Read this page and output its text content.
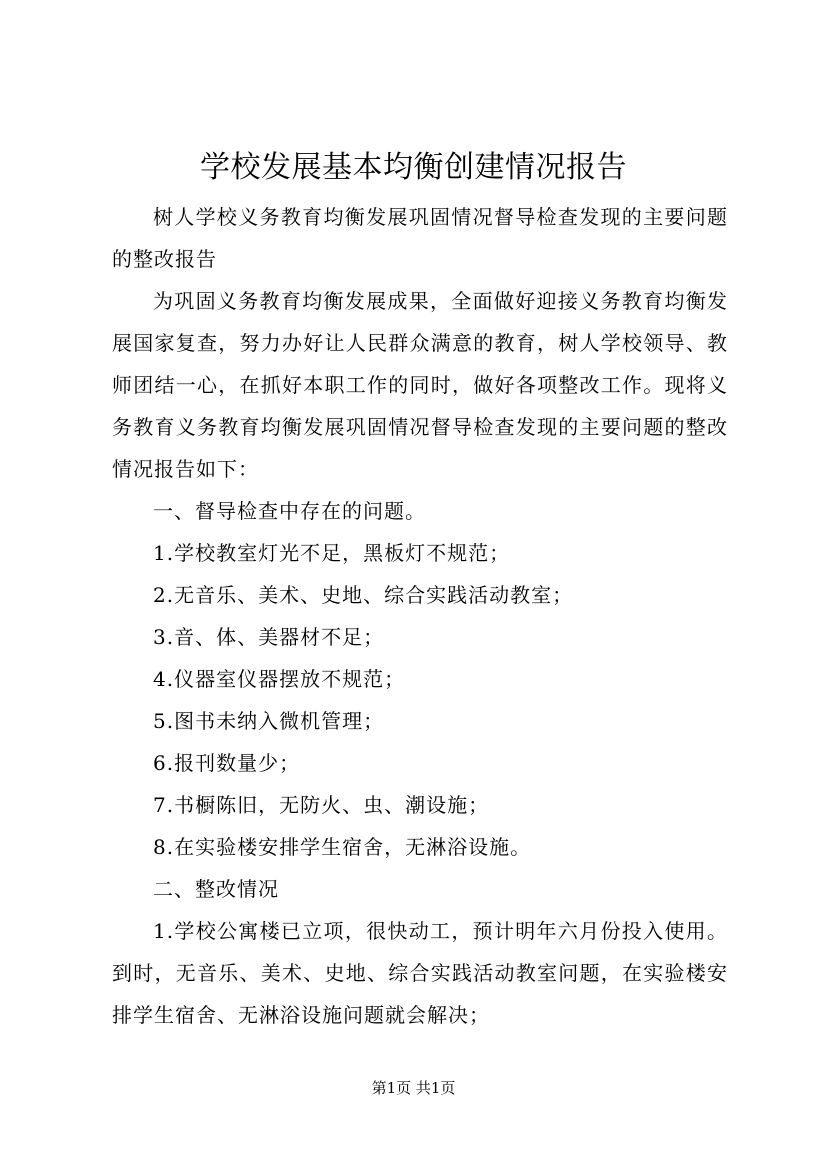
学校发展基本均衡创建情况报告

树人学校义务教育均衡发展巩固情况督导检查发现的主要问题的整改报告

为巩固义务教育均衡发展成果，全面做好迎接义务教育均衡发展国家复查，努力办好让人民群众满意的教育，树人学校领导、教师团结一心，在抓好本职工作的同时，做好各项整改工作。现将义务教育义务教育均衡发展巩固情况督导检查发现的主要问题的整改情况报告如下：

一、督导检查中存在的问题。

1.学校教室灯光不足，黑板灯不规范；

2.无音乐、美术、史地、综合实践活动教室；

3.音、体、美器材不足；

4.仪器室仪器摆放不规范；

5.图书未纳入微机管理；

6.报刊数量少；

7.书橱陈旧，无防火、虫、潮设施；

8.在实验楼安排学生宿舍，无淋浴设施。

二、整改情况

1.学校公寓楼已立项，很快动工，预计明年六月份投入使用。到时，无音乐、美术、史地、综合实践活动教室问题，在实验楼安排学生宿舍、无淋浴设施问题就会解决；

第1页 共1页
